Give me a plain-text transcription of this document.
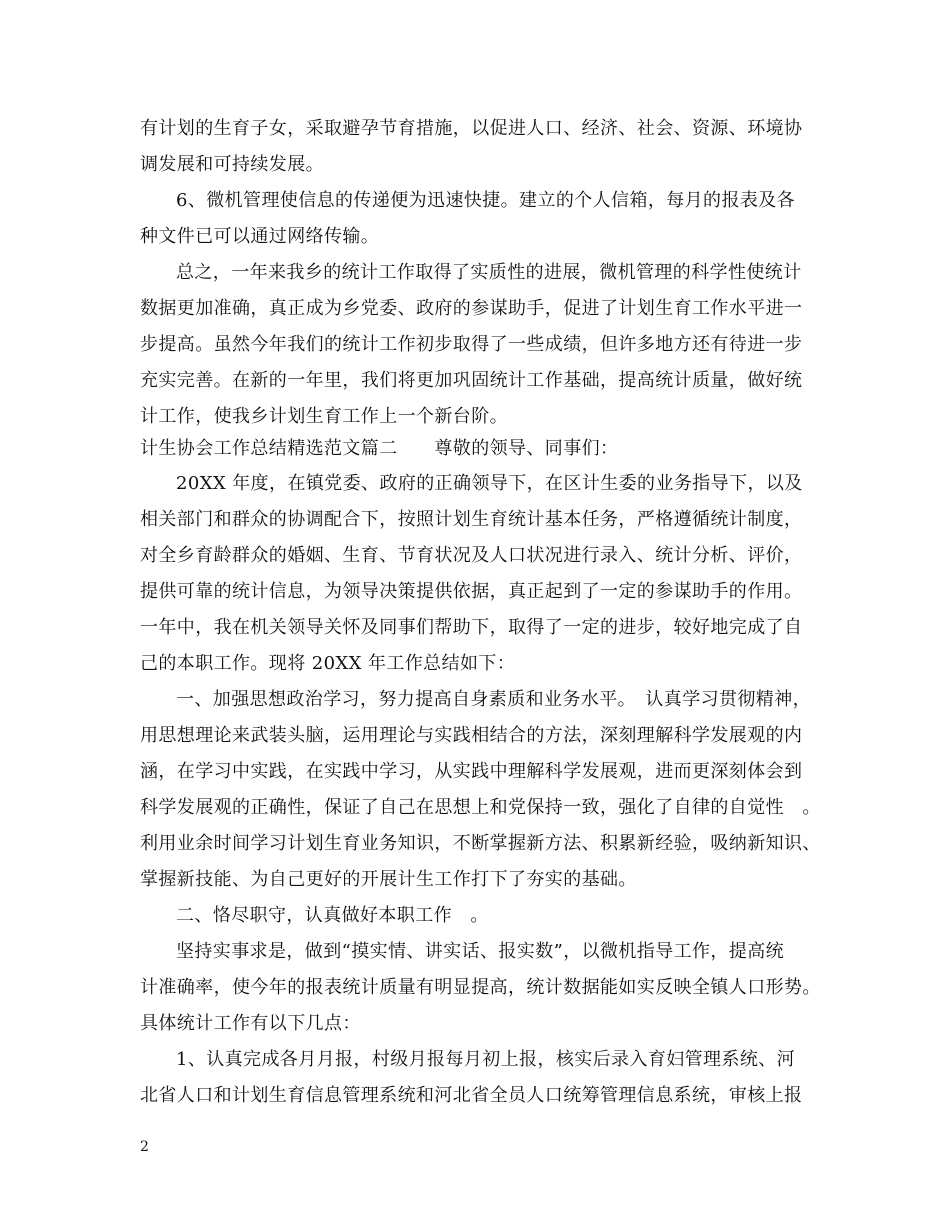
有计划的生育子女，采取避孕节育措施，以促进人口、经济、社会、资源、环境协
调发展和可持续发展。
6、微机管理使信息的传递便为迅速快捷。建立的个人信箱，每月的报表及各
种文件已可以通过网络传输。
总之，一年来我乡的统计工作取得了实质性的进展，微机管理的科学性使统计
数据更加准确，真正成为乡党委、政府的参谋助手，促进了计划生育工作水平进一
步提高。虽然今年我们的统计工作初步取得了一些成绩，但许多地方还有待进一步
充实完善。在新的一年里，我们将更加巩固统计工作基础，提高统计质量，做好统
计工作，使我乡计划生育工作上一个新台阶。
计生协会工作总结精选范文篇二　　尊敬的领导、同事们：
20XX 年度，在镇党委、政府的正确领导下，在区计生委的业务指导下，以及
相关部门和群众的协调配合下，按照计划生育统计基本任务，严格遵循统计制度，
对全乡育龄群众的婚姻、生育、节育状况及人口状况进行录入、统计分析、评价，
提供可靠的统计信息，为领导决策提供依据，真正起到了一定的参谋助手的作用。
一年中，我在机关领导关怀及同事们帮助下，取得了一定的进步，较好地完成了自
己的本职工作。现将 20XX 年工作总结如下：
一、加强思想政治学习，努力提高自身素质和业务水平。　认真学习贯彻精神，
用思想理论来武装头脑，运用理论与实践相结合的方法，深刻理解科学发展观的内
涵，在学习中实践，在实践中学习，从实践中理解科学发展观，进而更深刻体会到
科学发展观的正确性，保证了自己在思想上和党保持一致，强化了自律的自觉性　。
利用业余时间学习计划生育业务知识，不断掌握新方法、积累新经验，吸纳新知识、
掌握新技能、为自己更好的开展计生工作打下了夯实的基础。
二、恪尽职守，认真做好本职工作　。
坚持实事求是，做到“摸实情、讲实话、报实数”，以微机指导工作，提高统
计准确率，使今年的报表统计质量有明显提高，统计数据能如实反映全镇人口形势。
具体统计工作有以下几点：
1、认真完成各月月报，村级月报每月初上报，核实后录入育妇管理系统、河
北省人口和计划生育信息管理系统和河北省全员人口统筹管理信息系统，审核上报
2
